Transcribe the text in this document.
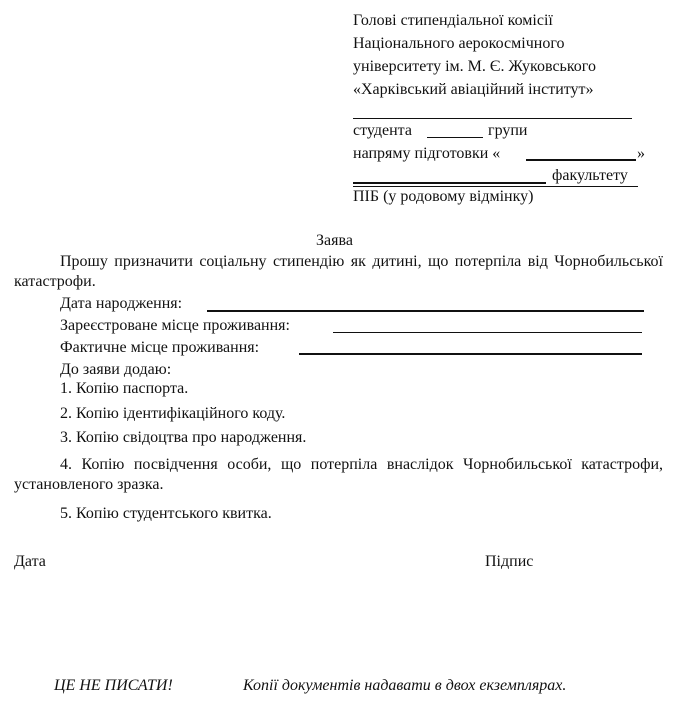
Голові стипендіальної комісії
Національного аерокосмічного
університету ім. М. Є. Жуковського
«Харківський авіаційний інститут»
студента	групи
напряму підготовки «	»
факультету
ПІБ (у родовому відмінку)
Заява
Прошу призначити соціальну стипендію як дитині, що потерпіла від Чорнобильської катастрофи.
Дата народження:
Зареєстроване місце проживання:
Фактичне місце проживання:
До заяви додаю:
1. Копію паспорта.
2. Копію ідентифікаційного коду.
3. Копію свідоцтва про народження.
4. Копію посвідчення особи, що потерпіла внаслідок Чорнобильської катастрофи, установленого зразка.
5. Копію студентського квитка.
Дата	Підпис
ЦЕ НЕ ПИСАТИ!	Копії документів надавати в двох екземплярах.
